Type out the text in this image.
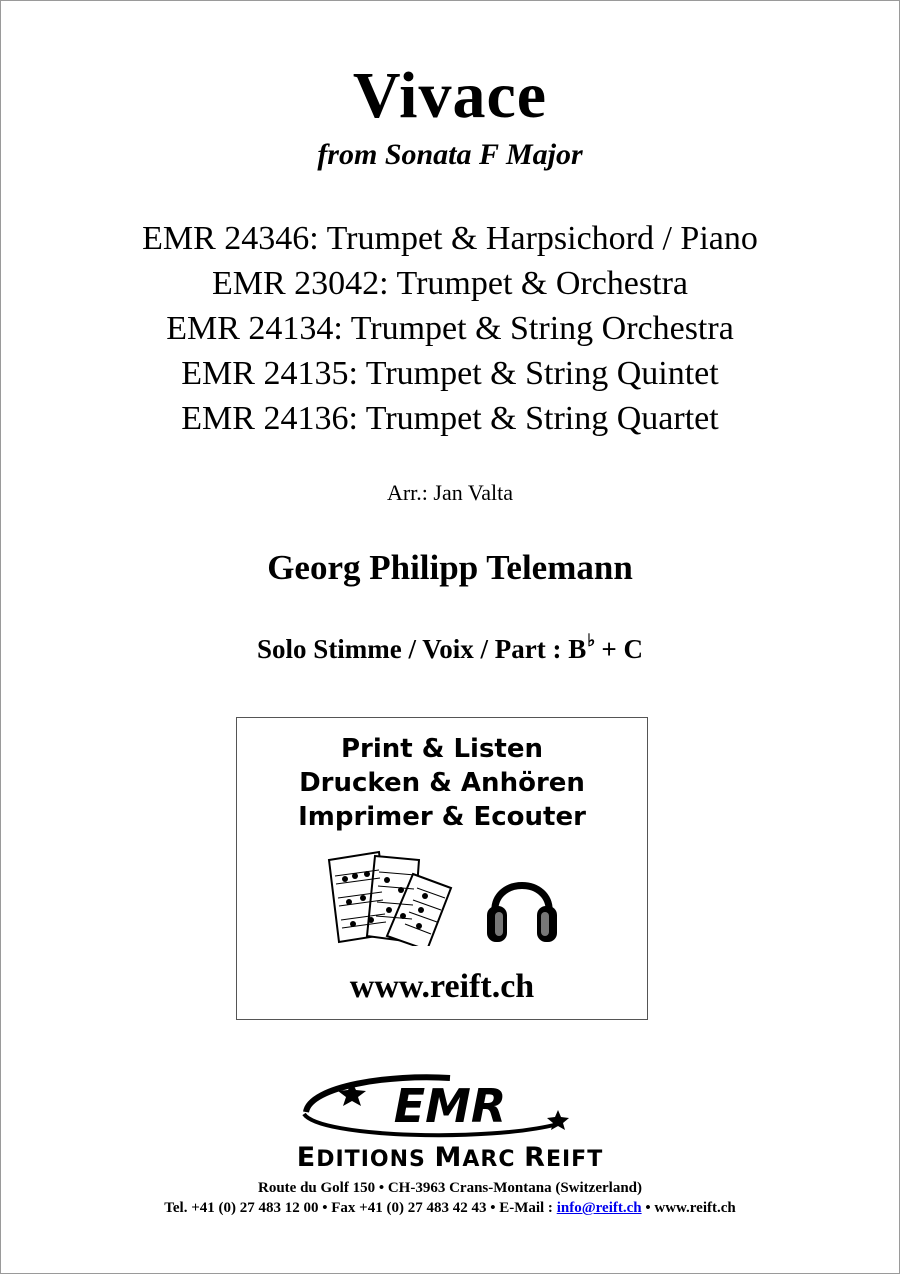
Vivace
from Sonata F Major
EMR 24346: Trumpet & Harpsichord / Piano
EMR 23042: Trumpet & Orchestra
EMR 24134: Trumpet & String Orchestra
EMR 24135: Trumpet & String Quintet
EMR 24136: Trumpet & String Quartet
Arr.: Jan Valta
Georg Philipp Telemann
Solo Stimme / Voix / Part : B♭ + C
Print & Listen
Drucken & Anhören
Imprimer & Ecouter
www.reift.ch
EMR
EDITIONS MARC REIFT
Route du Golf 150 • CH-3963 Crans-Montana (Switzerland)
Tel. +41 (0) 27 483 12 00 • Fax +41 (0) 27 483 42 43 • E-Mail : info@reift.ch • www.reift.ch
